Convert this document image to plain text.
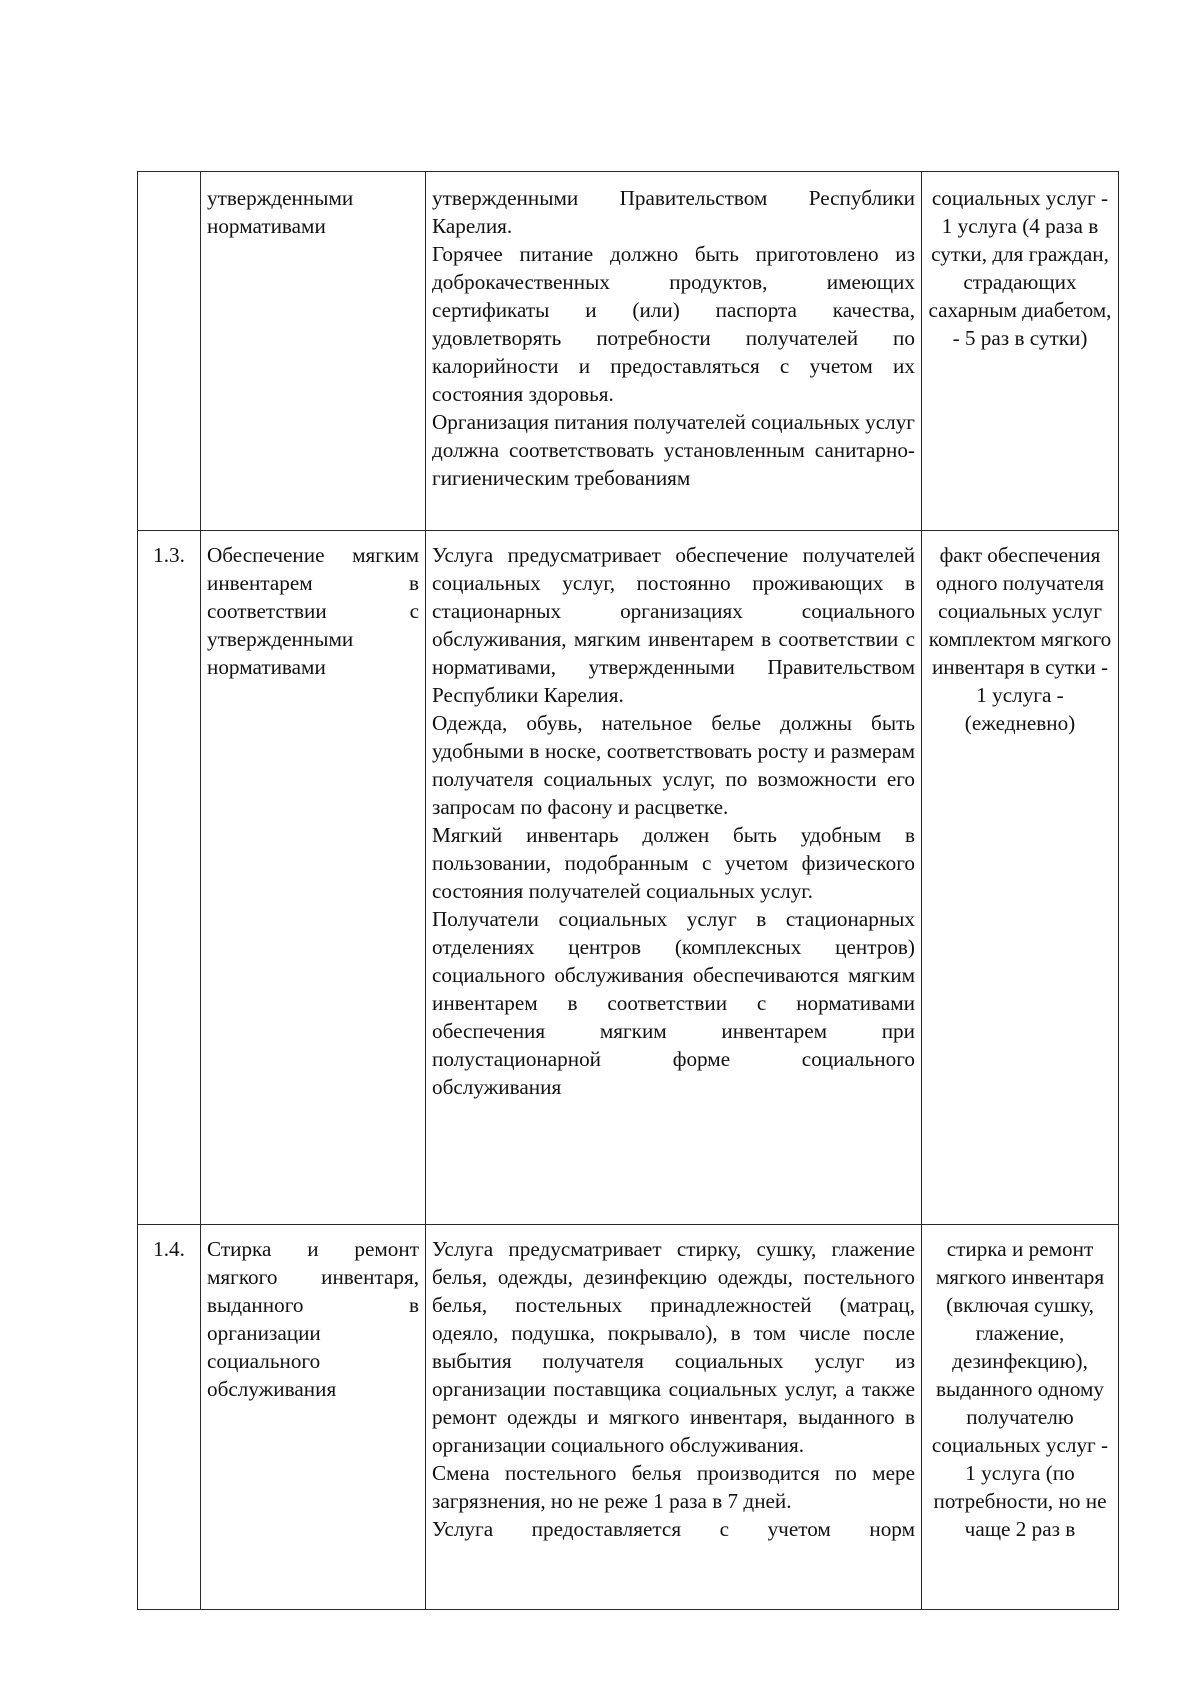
	утвержденными нормативами	утвержденными Правительством Республики Карелия.

Горячее питание должно быть приготовлено из доброкачественных продуктов, имеющих сертификаты и (или) паспорта качества, удовлетворять потребности получателей по калорийности и предоставляться с учетом их состояния здоровья.

Организация питания получателей социальных услуг должна соответствовать установленным санитарно-гигиеническим требованиям	социальных услуг - 1 услуга (4 раза в сутки, для граждан, страдающих сахарным диабетом, - 5 раз в сутки)
1.3.	Обеспечение мягким инвентарем в соответствии с утвержденными нормативами	Услуга предусматривает обеспечение получателей социальных услуг, постоянно проживающих в стационарных организациях социального обслуживания, мягким инвентарем в соответствии с нормативами, утвержденными Правительством Республики Карелия.

Одежда, обувь, нательное белье должны быть удобными в носке, соответствовать росту и размерам получателя социальных услуг, по возможности его запросам по фасону и расцветке.

Мягкий инвентарь должен быть удобным в пользовании, подобранным с учетом физического состояния получателей социальных услуг.

Получатели социальных услуг в стационарных отделениях центров (комплексных центров) социального обслуживания обеспечиваются мягким инвентарем в соответствии с нормативами обеспечения мягким инвентарем при полустационарной форме социального обслуживания	факт обеспечения одного получателя социальных услуг комплектом мягкого инвентаря в сутки - 1 услуга - (ежедневно)
1.4.	Стирка и ремонт мягкого инвентаря, выданного в организации социального обслуживания	Услуга предусматривает стирку, сушку, глажение белья, одежды, дезинфекцию одежды, постельного белья, постельных принадлежностей (матрац, одеяло, подушка, покрывало), в том числе после выбытия получателя социальных услуг из организации поставщика социальных услуг, а также ремонт одежды и мягкого инвентаря, выданного в организации социального обслуживания.

Смена постельного белья производится по мере загрязнения, но не реже 1 раза в 7 дней.

Услуга предоставляется с учетом норм	стирка и ремонт мягкого инвентаря (включая сушку, глажение, дезинфекцию), выданного одному получателю социальных услуг - 1 услуга (по потребности, но не чаще 2 раз в
